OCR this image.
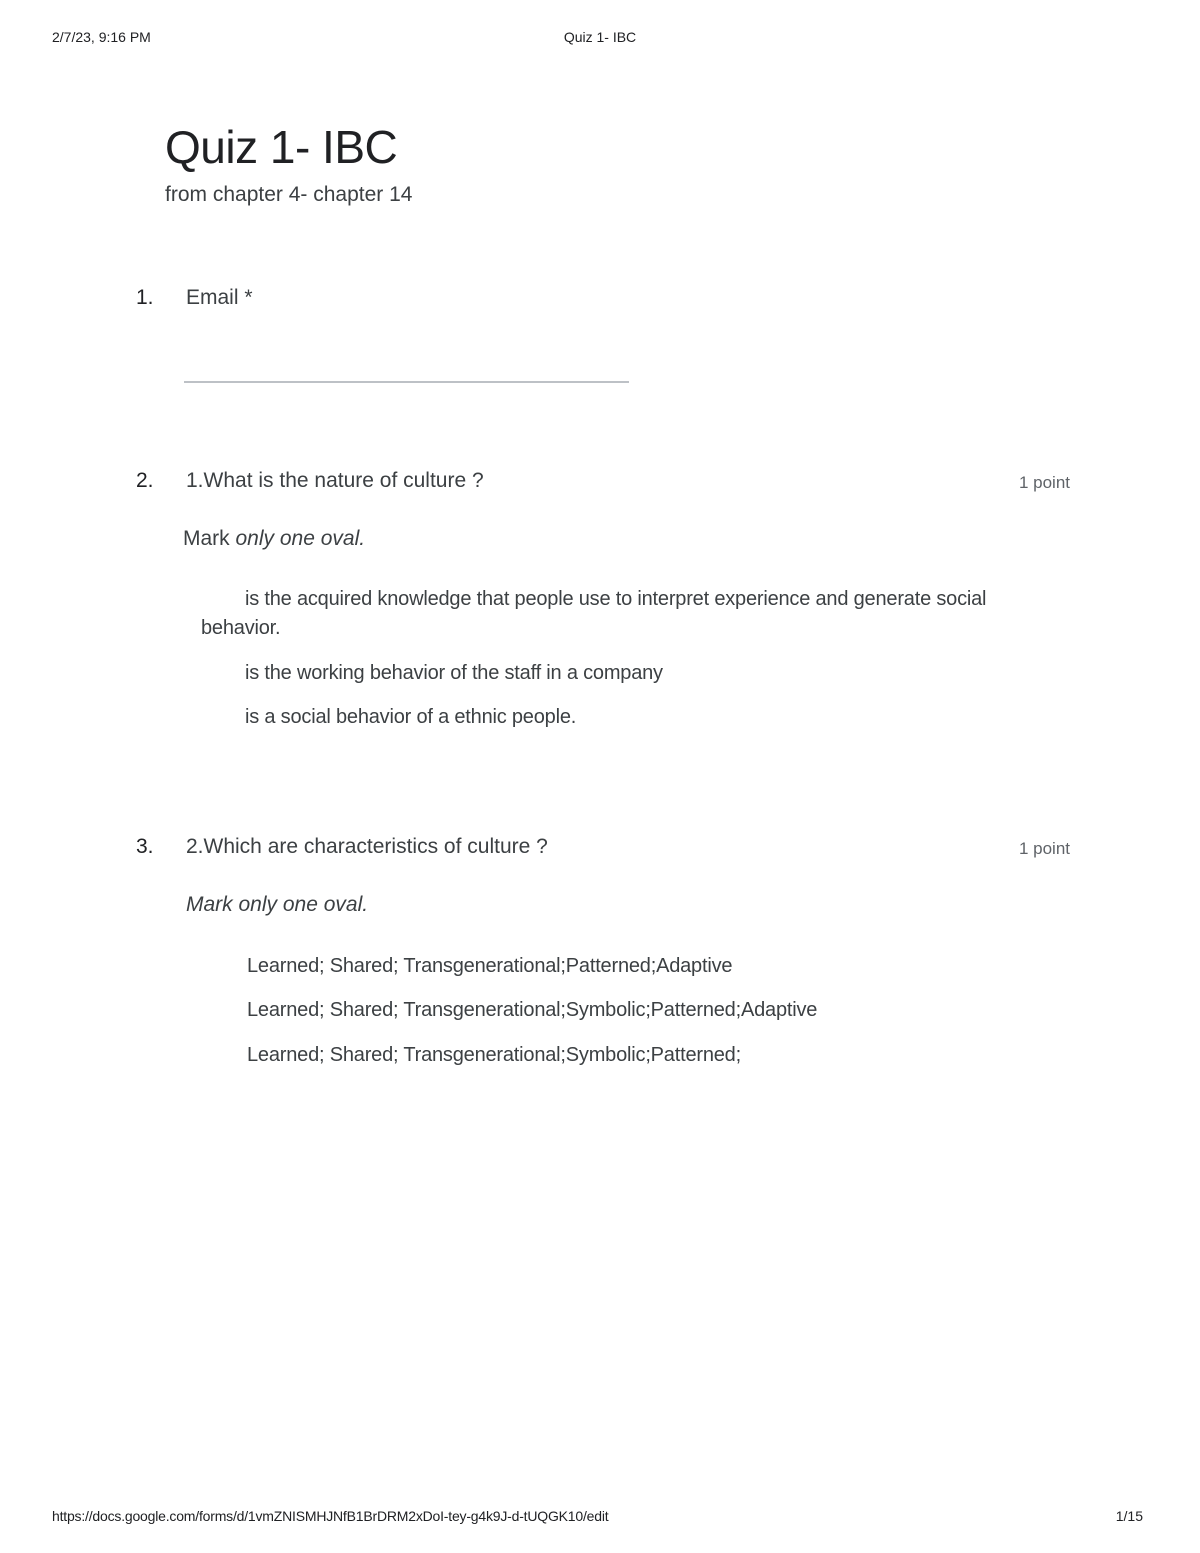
2/7/23, 9:16 PM	Quiz 1- IBC
Quiz 1- IBC
from chapter 4- chapter 14
1. Email *
2. 1.What is the nature of culture ?	1 point
Mark only one oval.
is the acquired knowledge that people use to interpret experience and generate social behavior.
is the working behavior of the staff in a company
is a social behavior of a ethnic people.
3. 2.Which are characteristics of culture ?	1 point
Mark only one oval.
Learned; Shared; Transgenerational;Patterned;Adaptive
Learned; Shared; Transgenerational;Symbolic;Patterned;Adaptive
Learned; Shared; Transgenerational;Symbolic;Patterned;
https://docs.google.com/forms/d/1vmZNISMHJNfB1BrDRM2xDoI-tey-g4k9J-d-tUQGK10/edit	1/15
